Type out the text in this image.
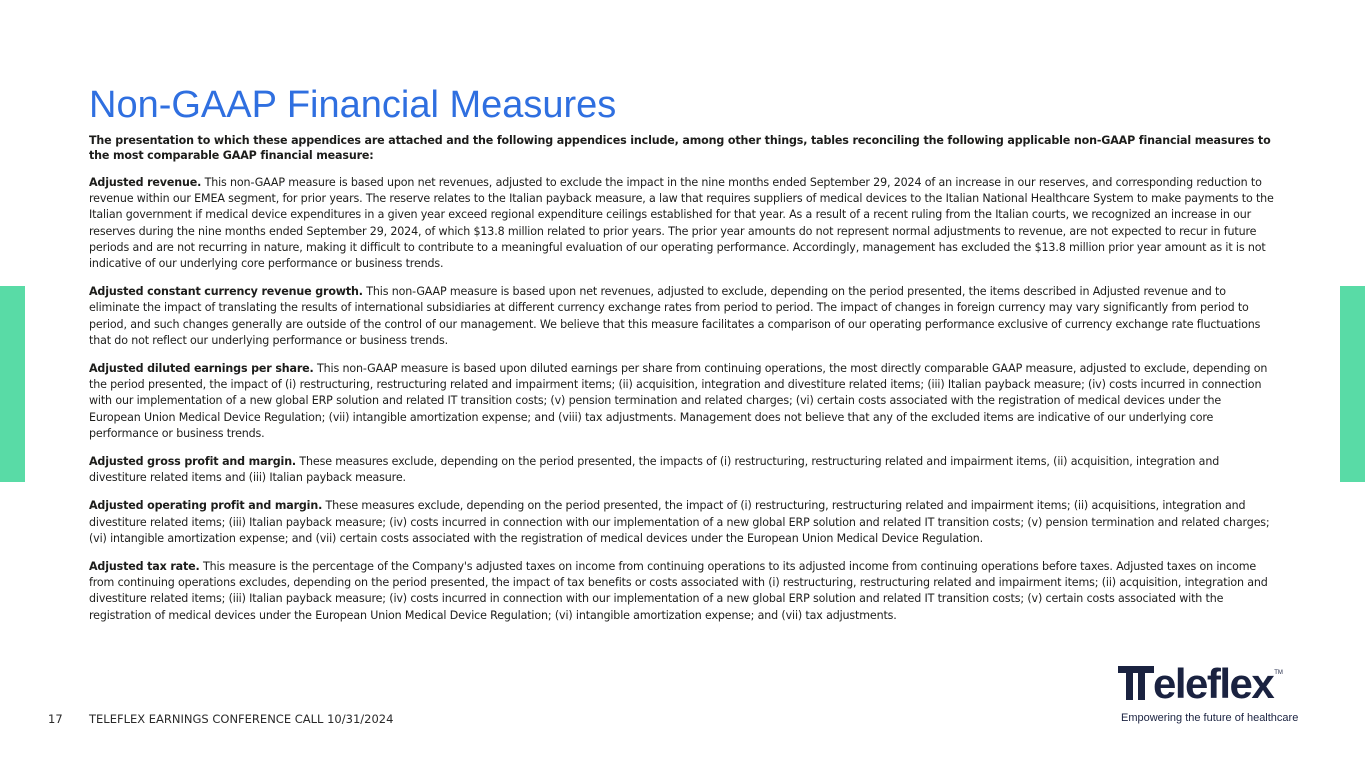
Non-GAAP Financial Measures

The presentation to which these appendices are attached and the following appendices include, among other things, tables reconciling the following applicable non-GAAP financial measures to the most comparable GAAP financial measure:

Adjusted revenue. This non-GAAP measure is based upon net revenues, adjusted to exclude the impact in the nine months ended September 29, 2024 of an increase in our reserves, and corresponding reduction to revenue within our EMEA segment, for prior years. The reserve relates to the Italian payback measure, a law that requires suppliers of medical devices to the Italian National Healthcare System to make payments to the Italian government if medical device expenditures in a given year exceed regional expenditure ceilings established for that year. As a result of a recent ruling from the Italian courts, we recognized an increase in our reserves during the nine months ended September 29, 2024, of which $13.8 million related to prior years. The prior year amounts do not represent normal adjustments to revenue, are not expected to recur in future periods and are not recurring in nature, making it difficult to contribute to a meaningful evaluation of our operating performance. Accordingly, management has excluded the $13.8 million prior year amount as it is not indicative of our underlying core performance or business trends.

Adjusted constant currency revenue growth. This non-GAAP measure is based upon net revenues, adjusted to exclude, depending on the period presented, the items described in Adjusted revenue and to eliminate the impact of translating the results of international subsidiaries at different currency exchange rates from period to period. The impact of changes in foreign currency may vary significantly from period to period, and such changes generally are outside of the control of our management. We believe that this measure facilitates a comparison of our operating performance exclusive of currency exchange rate fluctuations that do not reflect our underlying performance or business trends.

Adjusted diluted earnings per share. This non-GAAP measure is based upon diluted earnings per share from continuing operations, the most directly comparable GAAP measure, adjusted to exclude, depending on the period presented, the impact of (i) restructuring, restructuring related and impairment items; (ii) acquisition, integration and divestiture related items; (iii) Italian payback measure; (iv) costs incurred in connection with our implementation of a new global ERP solution and related IT transition costs; (v) pension termination and related charges; (vi) certain costs associated with the registration of medical devices under the European Union Medical Device Regulation; (vii) intangible amortization expense; and (viii) tax adjustments. Management does not believe that any of the excluded items are indicative of our underlying core performance or business trends.

Adjusted gross profit and margin. These measures exclude, depending on the period presented, the impacts of (i) restructuring, restructuring related and impairment items, (ii) acquisition, integration and divestiture related items and (iii) Italian payback measure.

Adjusted operating profit and margin. These measures exclude, depending on the period presented, the impact of (i) restructuring, restructuring related and impairment items; (ii) acquisitions, integration and divestiture related items; (iii) Italian payback measure; (iv) costs incurred in connection with our implementation of a new global ERP solution and related IT transition costs; (v) pension termination and related charges; (vi) intangible amortization expense; and (vii) certain costs associated with the registration of medical devices under the European Union Medical Device Regulation.

Adjusted tax rate. This measure is the percentage of the Company's adjusted taxes on income from continuing operations to its adjusted income from continuing operations before taxes. Adjusted taxes on income from continuing operations excludes, depending on the period presented, the impact of tax benefits or costs associated with (i) restructuring, restructuring related and impairment items; (ii) acquisition, integration and divestiture related items; (iii) Italian payback measure; (iv) costs incurred in connection with our implementation of a new global ERP solution and related IT transition costs; (v) certain costs associated with the registration of medical devices under the European Union Medical Device Regulation; (vi) intangible amortization expense; and (vii) tax adjustments.

17 TELEFLEX EARNINGS CONFERENCE CALL 10/31/2024
eleflex TM
Empowering the future of healthcare
